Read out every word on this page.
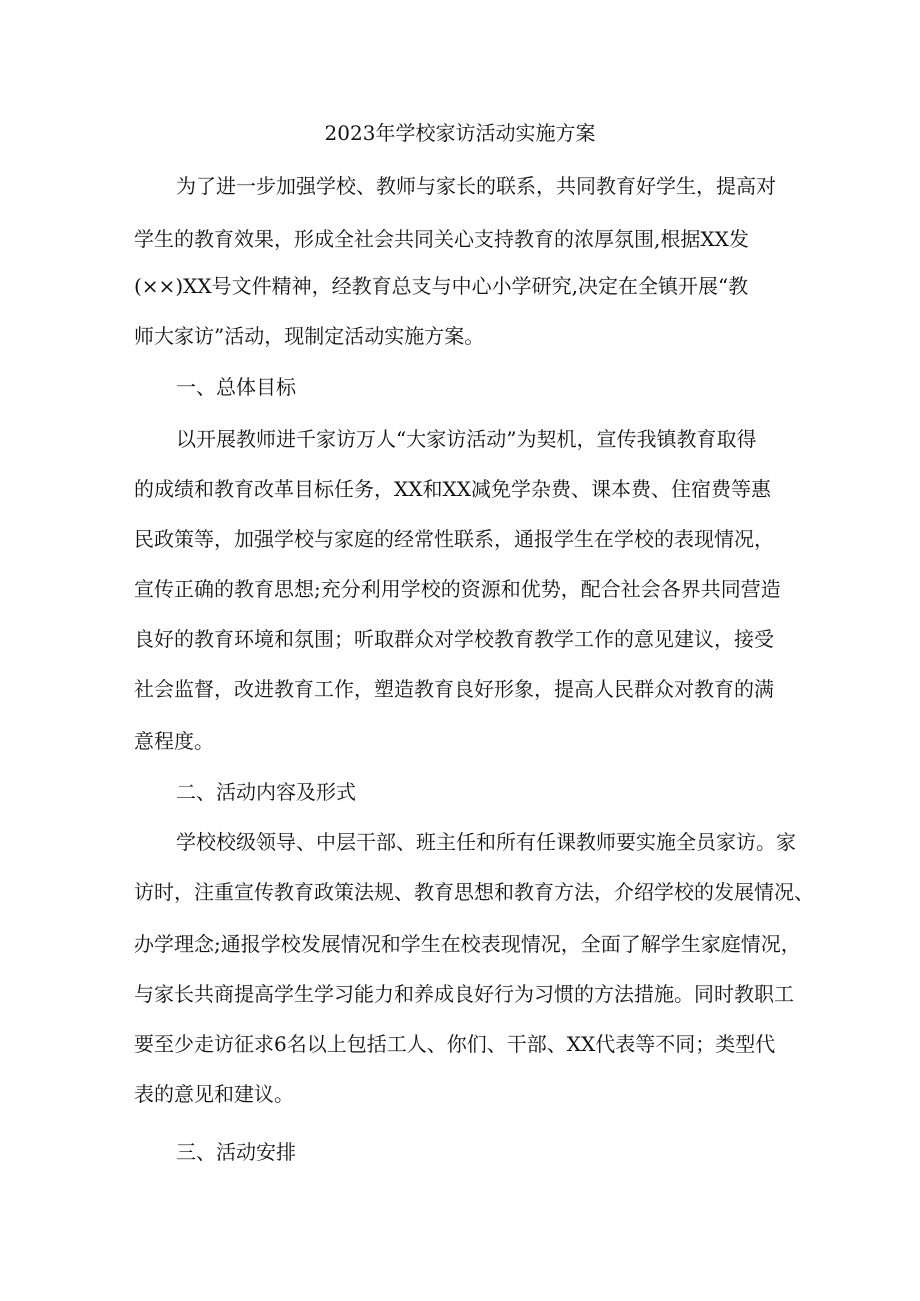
2023年学校家访活动实施方案
为了进一步加强学校、教师与家长的联系，共同教育好学生，提高对
学生的教育效果，形成全社会共同关心支持教育的浓厚氛围,根据XX发
(××)XX号文件精神，经教育总支与中心小学研究,决定在全镇开展“教
师大家访”活动，现制定活动实施方案。
一、总体目标
以开展教师进千家访万人“大家访活动”为契机，宣传我镇教育取得
的成绩和教育改革目标任务，XX和XX减免学杂费、课本费、住宿费等惠
民政策等，加强学校与家庭的经常性联系，通报学生在学校的表现情况，
宣传正确的教育思想;充分利用学校的资源和优势，配合社会各界共同营造
良好的教育环境和氛围；听取群众对学校教育教学工作的意见建议，接受
社会监督，改进教育工作，塑造教育良好形象，提高人民群众对教育的满
意程度。
二、活动内容及形式
学校校级领导、中层干部、班主任和所有任课教师要实施全员家访。家
访时，注重宣传教育政策法规、教育思想和教育方法，介绍学校的发展情况、
办学理念;通报学校发展情况和学生在校表现情况，全面了解学生家庭情况，
与家长共商提高学生学习能力和养成良好行为习惯的方法措施。同时教职工
要至少走访征求6名以上包括工人、你们、干部、XX代表等不同；类型代
表的意见和建议。
三、活动安排
